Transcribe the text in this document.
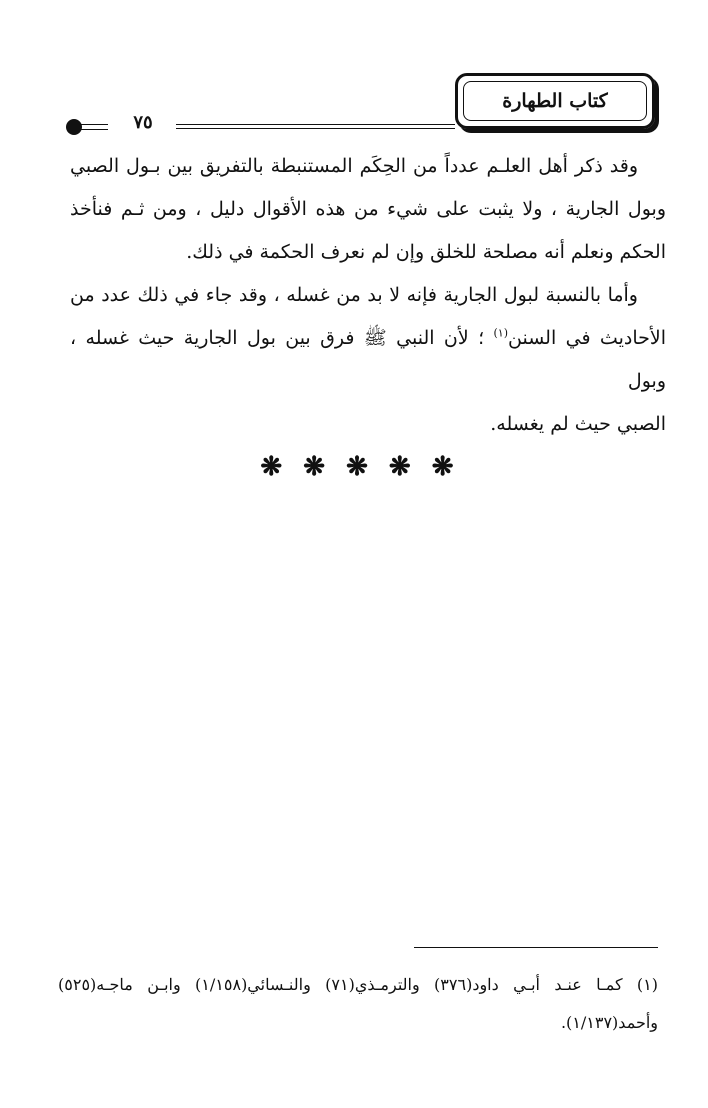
كتاب الطهارة
٧٥

وقد ذكر أهل العلـم عدداً من الحِكَم المستنبطة بالتفريق بين بـول الصبي
وبول الجارية ، ولا يثبت على شيء من هذه الأقوال دليل ، ومن ثـم فنأخذ
الحكم ونعلم أنه مصلحة للخلق وإن لم نعرف الحكمة في ذلك.

وأما بالنسبة لبول الجارية فإنه لا بد من غسله ، وقد جاء في ذلك عدد من
الأحاديث في السنن$^{(١)}$ ؛ لأن النبي ﷺ فرق بين بول الجارية حيث غسله ، وبول
الصبي حيث لم يغسله.

❋ ❋ ❋ ❋ ❋
(١) كمـا عنـد أبـي داود(٣٧٦) والترمـذي(٧١) والنـسائي(١/١٥٨) وابـن ماجـه(٥٢٥)
وأحمد(١/١٣٧).
